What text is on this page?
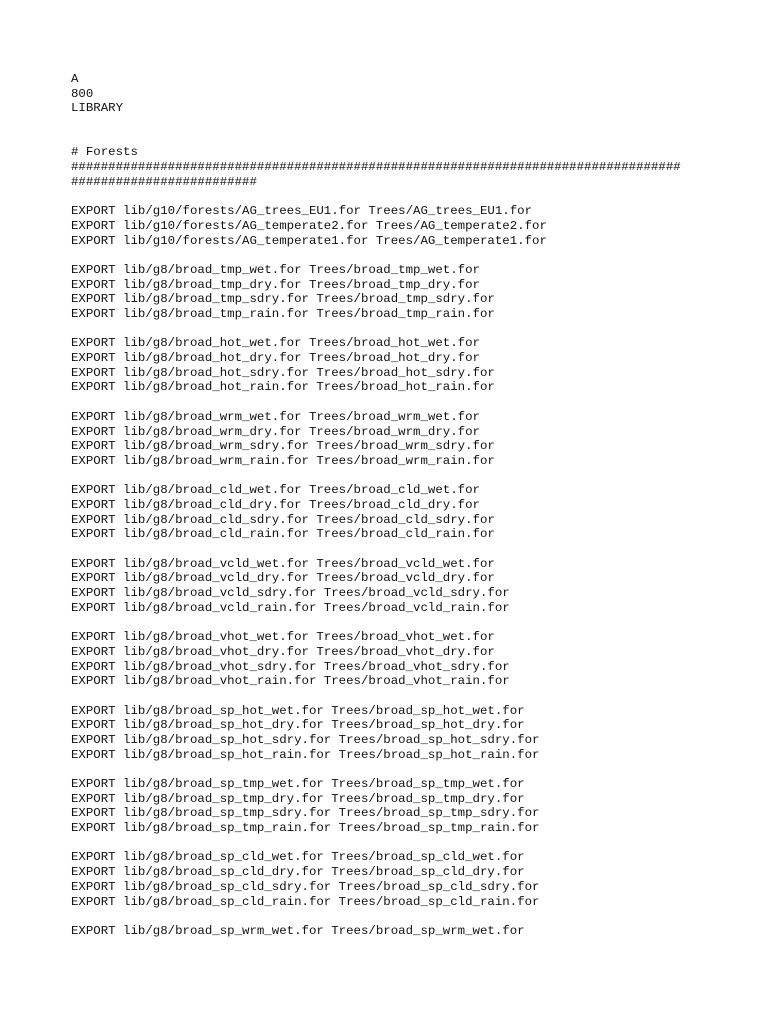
A
800
LIBRARY
# Forests
##################################################################################
#########################
EXPORT lib/g10/forests/AG_trees_EU1.for Trees/AG_trees_EU1.for
EXPORT lib/g10/forests/AG_temperate2.for Trees/AG_temperate2.for
EXPORT lib/g10/forests/AG_temperate1.for Trees/AG_temperate1.for
EXPORT lib/g8/broad_tmp_wet.for Trees/broad_tmp_wet.for
EXPORT lib/g8/broad_tmp_dry.for Trees/broad_tmp_dry.for
EXPORT lib/g8/broad_tmp_sdry.for Trees/broad_tmp_sdry.for
EXPORT lib/g8/broad_tmp_rain.for Trees/broad_tmp_rain.for
EXPORT lib/g8/broad_hot_wet.for Trees/broad_hot_wet.for
EXPORT lib/g8/broad_hot_dry.for Trees/broad_hot_dry.for
EXPORT lib/g8/broad_hot_sdry.for Trees/broad_hot_sdry.for
EXPORT lib/g8/broad_hot_rain.for Trees/broad_hot_rain.for
EXPORT lib/g8/broad_wrm_wet.for Trees/broad_wrm_wet.for
EXPORT lib/g8/broad_wrm_dry.for Trees/broad_wrm_dry.for
EXPORT lib/g8/broad_wrm_sdry.for Trees/broad_wrm_sdry.for
EXPORT lib/g8/broad_wrm_rain.for Trees/broad_wrm_rain.for
EXPORT lib/g8/broad_cld_wet.for Trees/broad_cld_wet.for
EXPORT lib/g8/broad_cld_dry.for Trees/broad_cld_dry.for
EXPORT lib/g8/broad_cld_sdry.for Trees/broad_cld_sdry.for
EXPORT lib/g8/broad_cld_rain.for Trees/broad_cld_rain.for
EXPORT lib/g8/broad_vcld_wet.for Trees/broad_vcld_wet.for
EXPORT lib/g8/broad_vcld_dry.for Trees/broad_vcld_dry.for
EXPORT lib/g8/broad_vcld_sdry.for Trees/broad_vcld_sdry.for
EXPORT lib/g8/broad_vcld_rain.for Trees/broad_vcld_rain.for
EXPORT lib/g8/broad_vhot_wet.for Trees/broad_vhot_wet.for
EXPORT lib/g8/broad_vhot_dry.for Trees/broad_vhot_dry.for
EXPORT lib/g8/broad_vhot_sdry.for Trees/broad_vhot_sdry.for
EXPORT lib/g8/broad_vhot_rain.for Trees/broad_vhot_rain.for
EXPORT lib/g8/broad_sp_hot_wet.for Trees/broad_sp_hot_wet.for
EXPORT lib/g8/broad_sp_hot_dry.for Trees/broad_sp_hot_dry.for
EXPORT lib/g8/broad_sp_hot_sdry.for Trees/broad_sp_hot_sdry.for
EXPORT lib/g8/broad_sp_hot_rain.for Trees/broad_sp_hot_rain.for
EXPORT lib/g8/broad_sp_tmp_wet.for Trees/broad_sp_tmp_wet.for
EXPORT lib/g8/broad_sp_tmp_dry.for Trees/broad_sp_tmp_dry.for
EXPORT lib/g8/broad_sp_tmp_sdry.for Trees/broad_sp_tmp_sdry.for
EXPORT lib/g8/broad_sp_tmp_rain.for Trees/broad_sp_tmp_rain.for
EXPORT lib/g8/broad_sp_cld_wet.for Trees/broad_sp_cld_wet.for
EXPORT lib/g8/broad_sp_cld_dry.for Trees/broad_sp_cld_dry.for
EXPORT lib/g8/broad_sp_cld_sdry.for Trees/broad_sp_cld_sdry.for
EXPORT lib/g8/broad_sp_cld_rain.for Trees/broad_sp_cld_rain.for
EXPORT lib/g8/broad_sp_wrm_wet.for Trees/broad_sp_wrm_wet.for
